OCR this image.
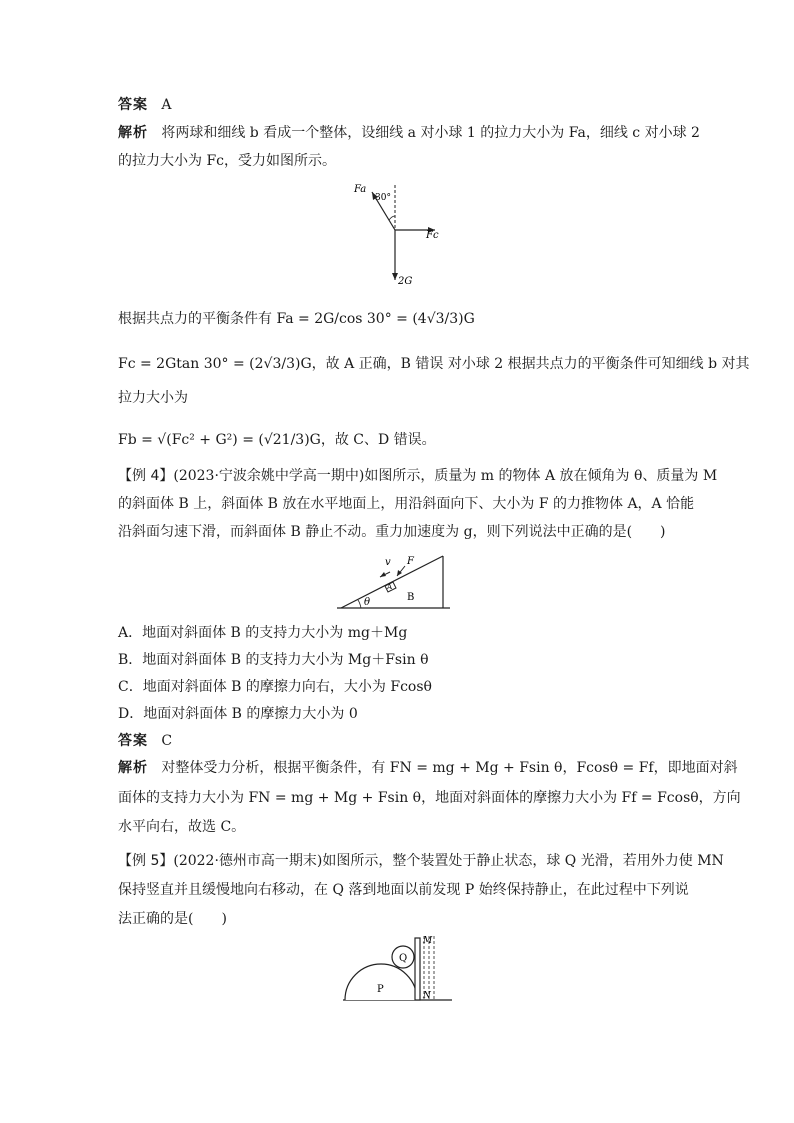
答案 A
解析 将两球和细线 b 看成一个整体，设细线 a 对小球 1 的拉力大小为 Fa，细线 c 对小球 2
的拉力大小为 Fc，受力如图所示。
Fa
30°
Fc
2G
根据共点力的平衡条件有 Fa = 2G/cos 30° = (4√3/3)G
Fc = 2Gtan 30° = (2√3/3)G，故 A 正确，B 错误 对小球 2 根据共点力的平衡条件可知细线 b 对其
拉力大小为
Fb = √(Fc² + G²) = (√21/3)G，故 C、D 错误。
【例 4】(2023·宁波余姚中学高一期中)如图所示，质量为 m 的物体 A 放在倾角为 θ、质量为 M
的斜面体 B 上，斜面体 B 放在水平地面上，用沿斜面向下、大小为 F 的力推物体 A，A 恰能
沿斜面匀速下滑，而斜面体 B 静止不动。重力加速度为 g，则下列说法中正确的是(　　)
θ
A
F
v
B
A．地面对斜面体 B 的支持力大小为 mg＋Mg
B．地面对斜面体 B 的支持力大小为 Mg＋Fsin θ
C．地面对斜面体 B 的摩擦力向右，大小为 Fcosθ
D．地面对斜面体 B 的摩擦力大小为 0
答案 C
解析 对整体受力分析，根据平衡条件，有 FN = mg + Mg + Fsin θ，Fcosθ = Ff，即地面对斜
面体的支持力大小为 FN = mg + Mg + Fsin θ，地面对斜面体的摩擦力大小为 Ff = Fcosθ，方向
水平向右，故选 C。
【例 5】(2022·德州市高一期末)如图所示，整个装置处于静止状态，球 Q 光滑，若用外力使 MN
保持竖直并且缓慢地向右移动，在 Q 落到地面以前发现 P 始终保持静止，在此过程中下列说
法正确的是(　　)
P
Q
M
N
